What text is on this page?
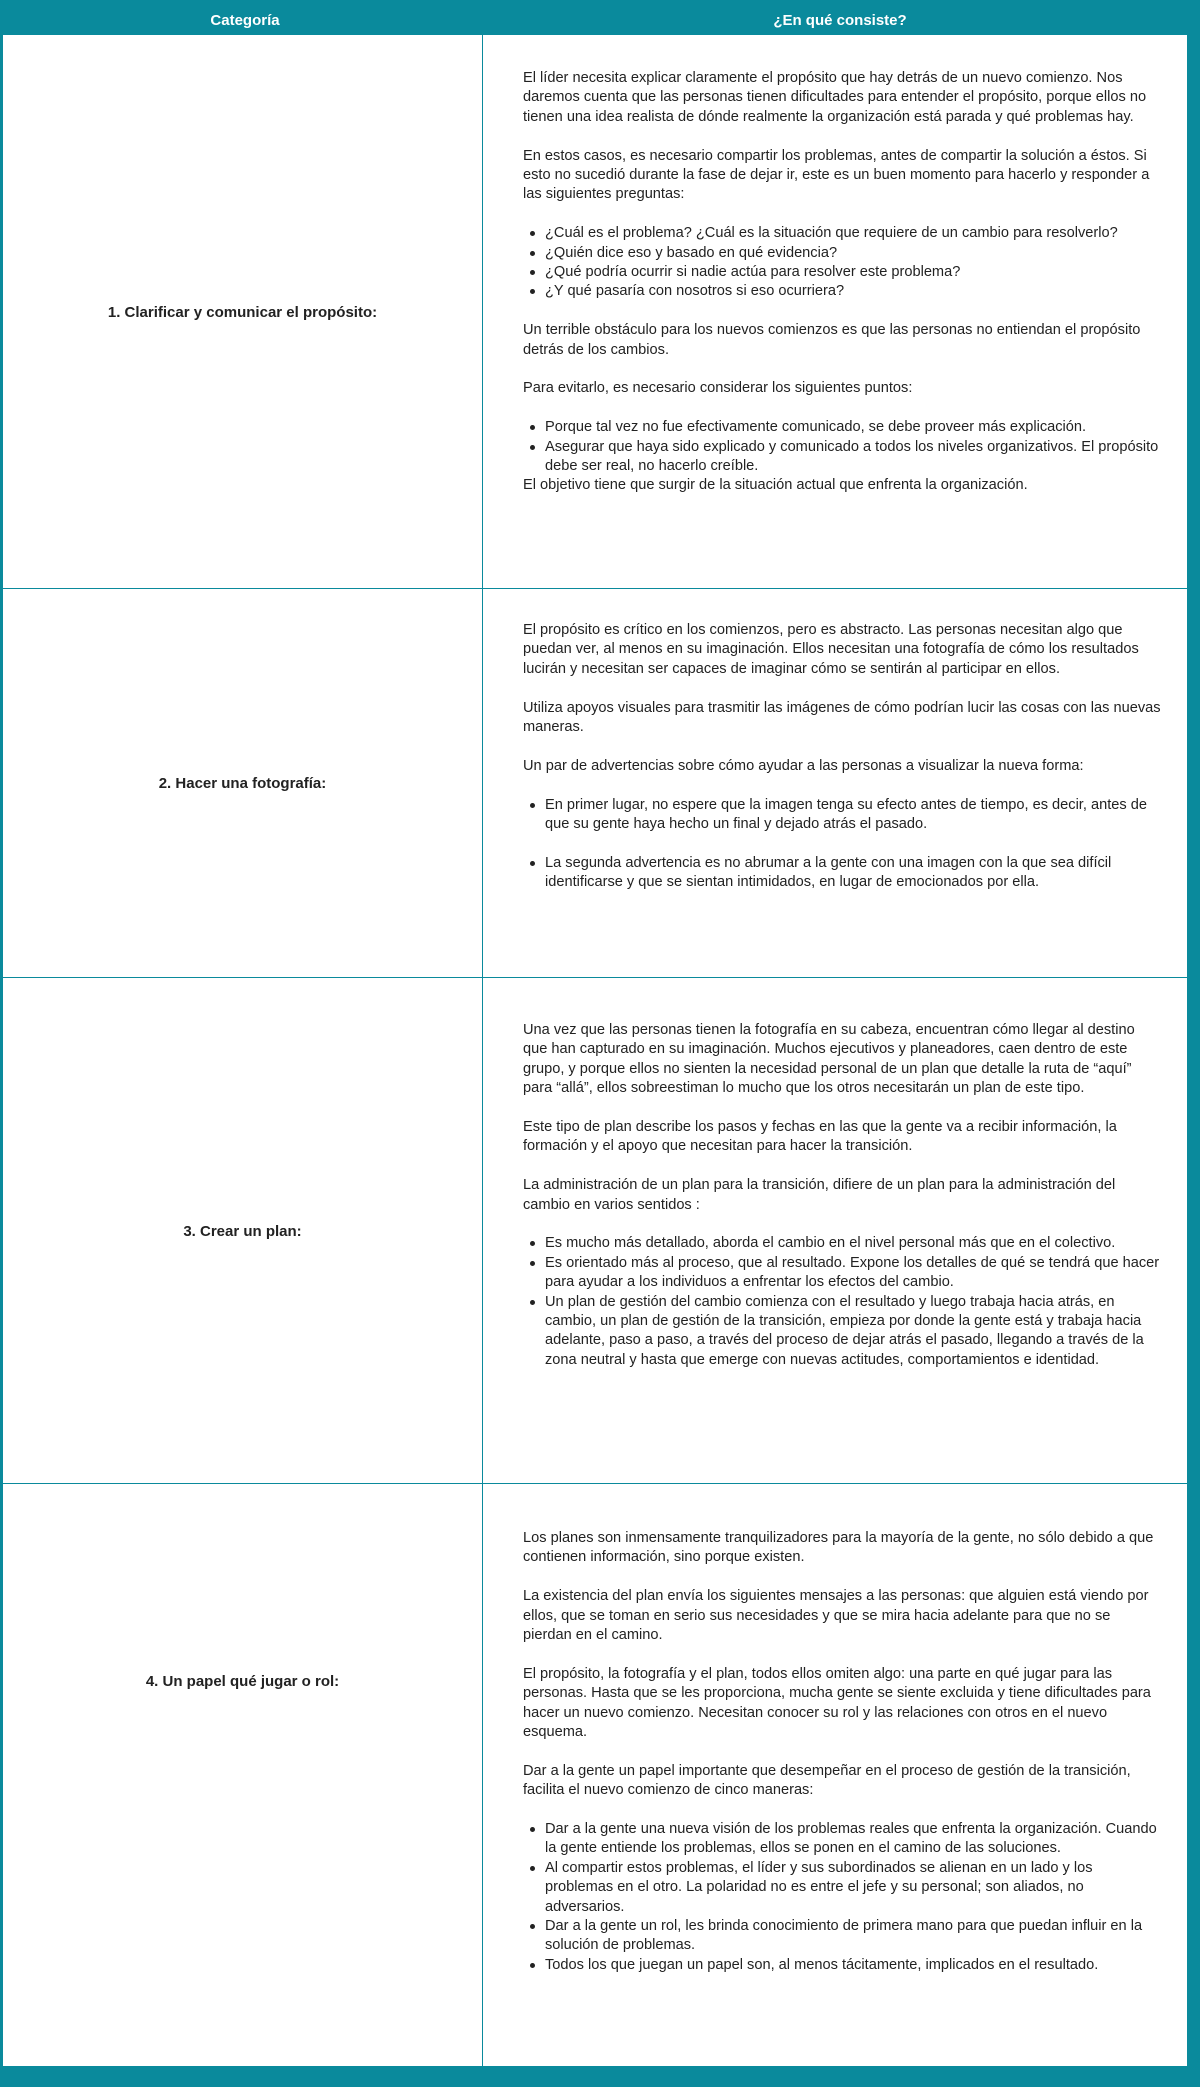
Categoría	¿En qué consiste?
1. Clarificar y comunicar el propósito:

El líder necesita explicar claramente el propósito que hay detrás de un nuevo comienzo. Nos daremos cuenta que las personas tienen dificultades para entender el propósito, porque ellos no tienen una idea realista de dónde realmente la organización está parada y qué problemas hay.

En estos casos, es necesario compartir los problemas, antes de compartir la solución a éstos. Si esto no sucedió durante la fase de dejar ir, este es un buen momento para hacerlo y responder a las siguientes preguntas:

¿Cuál es el problema? ¿Cuál es la situación que requiere de un cambio para resolverlo?
¿Quién dice eso y basado en qué evidencia?
¿Qué podría ocurrir si nadie actúa para resolver este problema?
¿Y qué pasaría con nosotros si eso ocurriera?

Un terrible obstáculo para los nuevos comienzos es que las personas no entiendan el propósito detrás de los cambios.

Para evitarlo, es necesario considerar los siguientes puntos:

Porque tal vez no fue efectivamente comunicado, se debe proveer más explicación.
Asegurar que haya sido explicado y comunicado a todos los niveles organizativos. El propósito debe ser real, no hacerlo creíble.

El objetivo tiene que surgir de la situación actual que enfrenta la organización.

2. Hacer una fotografía:

El propósito es crítico en los comienzos, pero es abstracto. Las personas necesitan algo que puedan ver, al menos en su imaginación. Ellos necesitan una fotografía de cómo los resultados lucirán y necesitan ser capaces de imaginar cómo se sentirán al participar en ellos.

Utiliza apoyos visuales para trasmitir las imágenes de cómo podrían lucir las cosas con las nuevas maneras.

Un par de advertencias sobre cómo ayudar a las personas a visualizar la nueva forma:

En primer lugar, no espere que la imagen tenga su efecto antes de tiempo, es decir, antes de que su gente haya hecho un final y dejado atrás el pasado.
La segunda advertencia es no abrumar a la gente con una imagen con la que sea difícil identificarse y que se sientan intimidados, en lugar de emocionados por ella.
3. Crear un plan:

Una vez que las personas tienen la fotografía en su cabeza, encuentran cómo llegar al destino que han capturado en su imaginación. Muchos ejecutivos y planeadores, caen dentro de este grupo, y porque ellos no sienten la necesidad personal de un plan que detalle la ruta de “aquí” para “allá”, ellos sobreestiman lo mucho que los otros necesitarán un plan de este tipo.

Este tipo de plan describe los pasos y fechas en las que la gente va a recibir información, la formación y el apoyo que necesitan para hacer la transición.

La administración de un plan para la transición, difiere de un plan para la administración del cambio en varios sentidos :

Es mucho más detallado, aborda el cambio en el nivel personal más que en el colectivo.
Es orientado más al proceso, que al resultado. Expone los detalles de qué se tendrá que hacer para ayudar a los individuos a enfrentar los efectos del cambio.
Un plan de gestión del cambio comienza con el resultado y luego trabaja hacia atrás, en cambio, un plan de gestión de la transición, empieza por donde la gente está y trabaja hacia adelante, paso a paso, a través del proceso de dejar atrás el pasado, llegando a través de la zona neutral y hasta que emerge con nuevas actitudes, comportamientos e identidad.
4. Un papel qué jugar o rol:

Los planes son inmensamente tranquilizadores para la mayoría de la gente, no sólo debido a que contienen información, sino porque existen.

La existencia del plan envía los siguientes mensajes a las personas: que alguien está viendo por ellos, que se toman en serio sus necesidades y que se mira hacia adelante para que no se pierdan en el camino.

El propósito, la fotografía y el plan, todos ellos omiten algo: una parte en qué jugar para las personas. Hasta que se les proporciona, mucha gente se siente excluida y tiene dificultades para hacer un nuevo comienzo. Necesitan conocer su rol y las relaciones con otros en el nuevo esquema.

Dar a la gente un papel importante que desempeñar en el proceso de gestión de la transición, facilita el nuevo comienzo de cinco maneras:

Dar a la gente una nueva visión de los problemas reales que enfrenta la organización. Cuando la gente entiende los problemas, ellos se ponen en el camino de las soluciones.
Al compartir estos problemas, el líder y sus subordinados se alienan en un lado y los problemas en el otro. La polaridad no es entre el jefe y su personal; son aliados, no adversarios.
Dar a la gente un rol, les brinda conocimiento de primera mano para que puedan influir en la solución de problemas.
Todos los que juegan un papel son, al menos tácitamente, implicados en el resultado.
